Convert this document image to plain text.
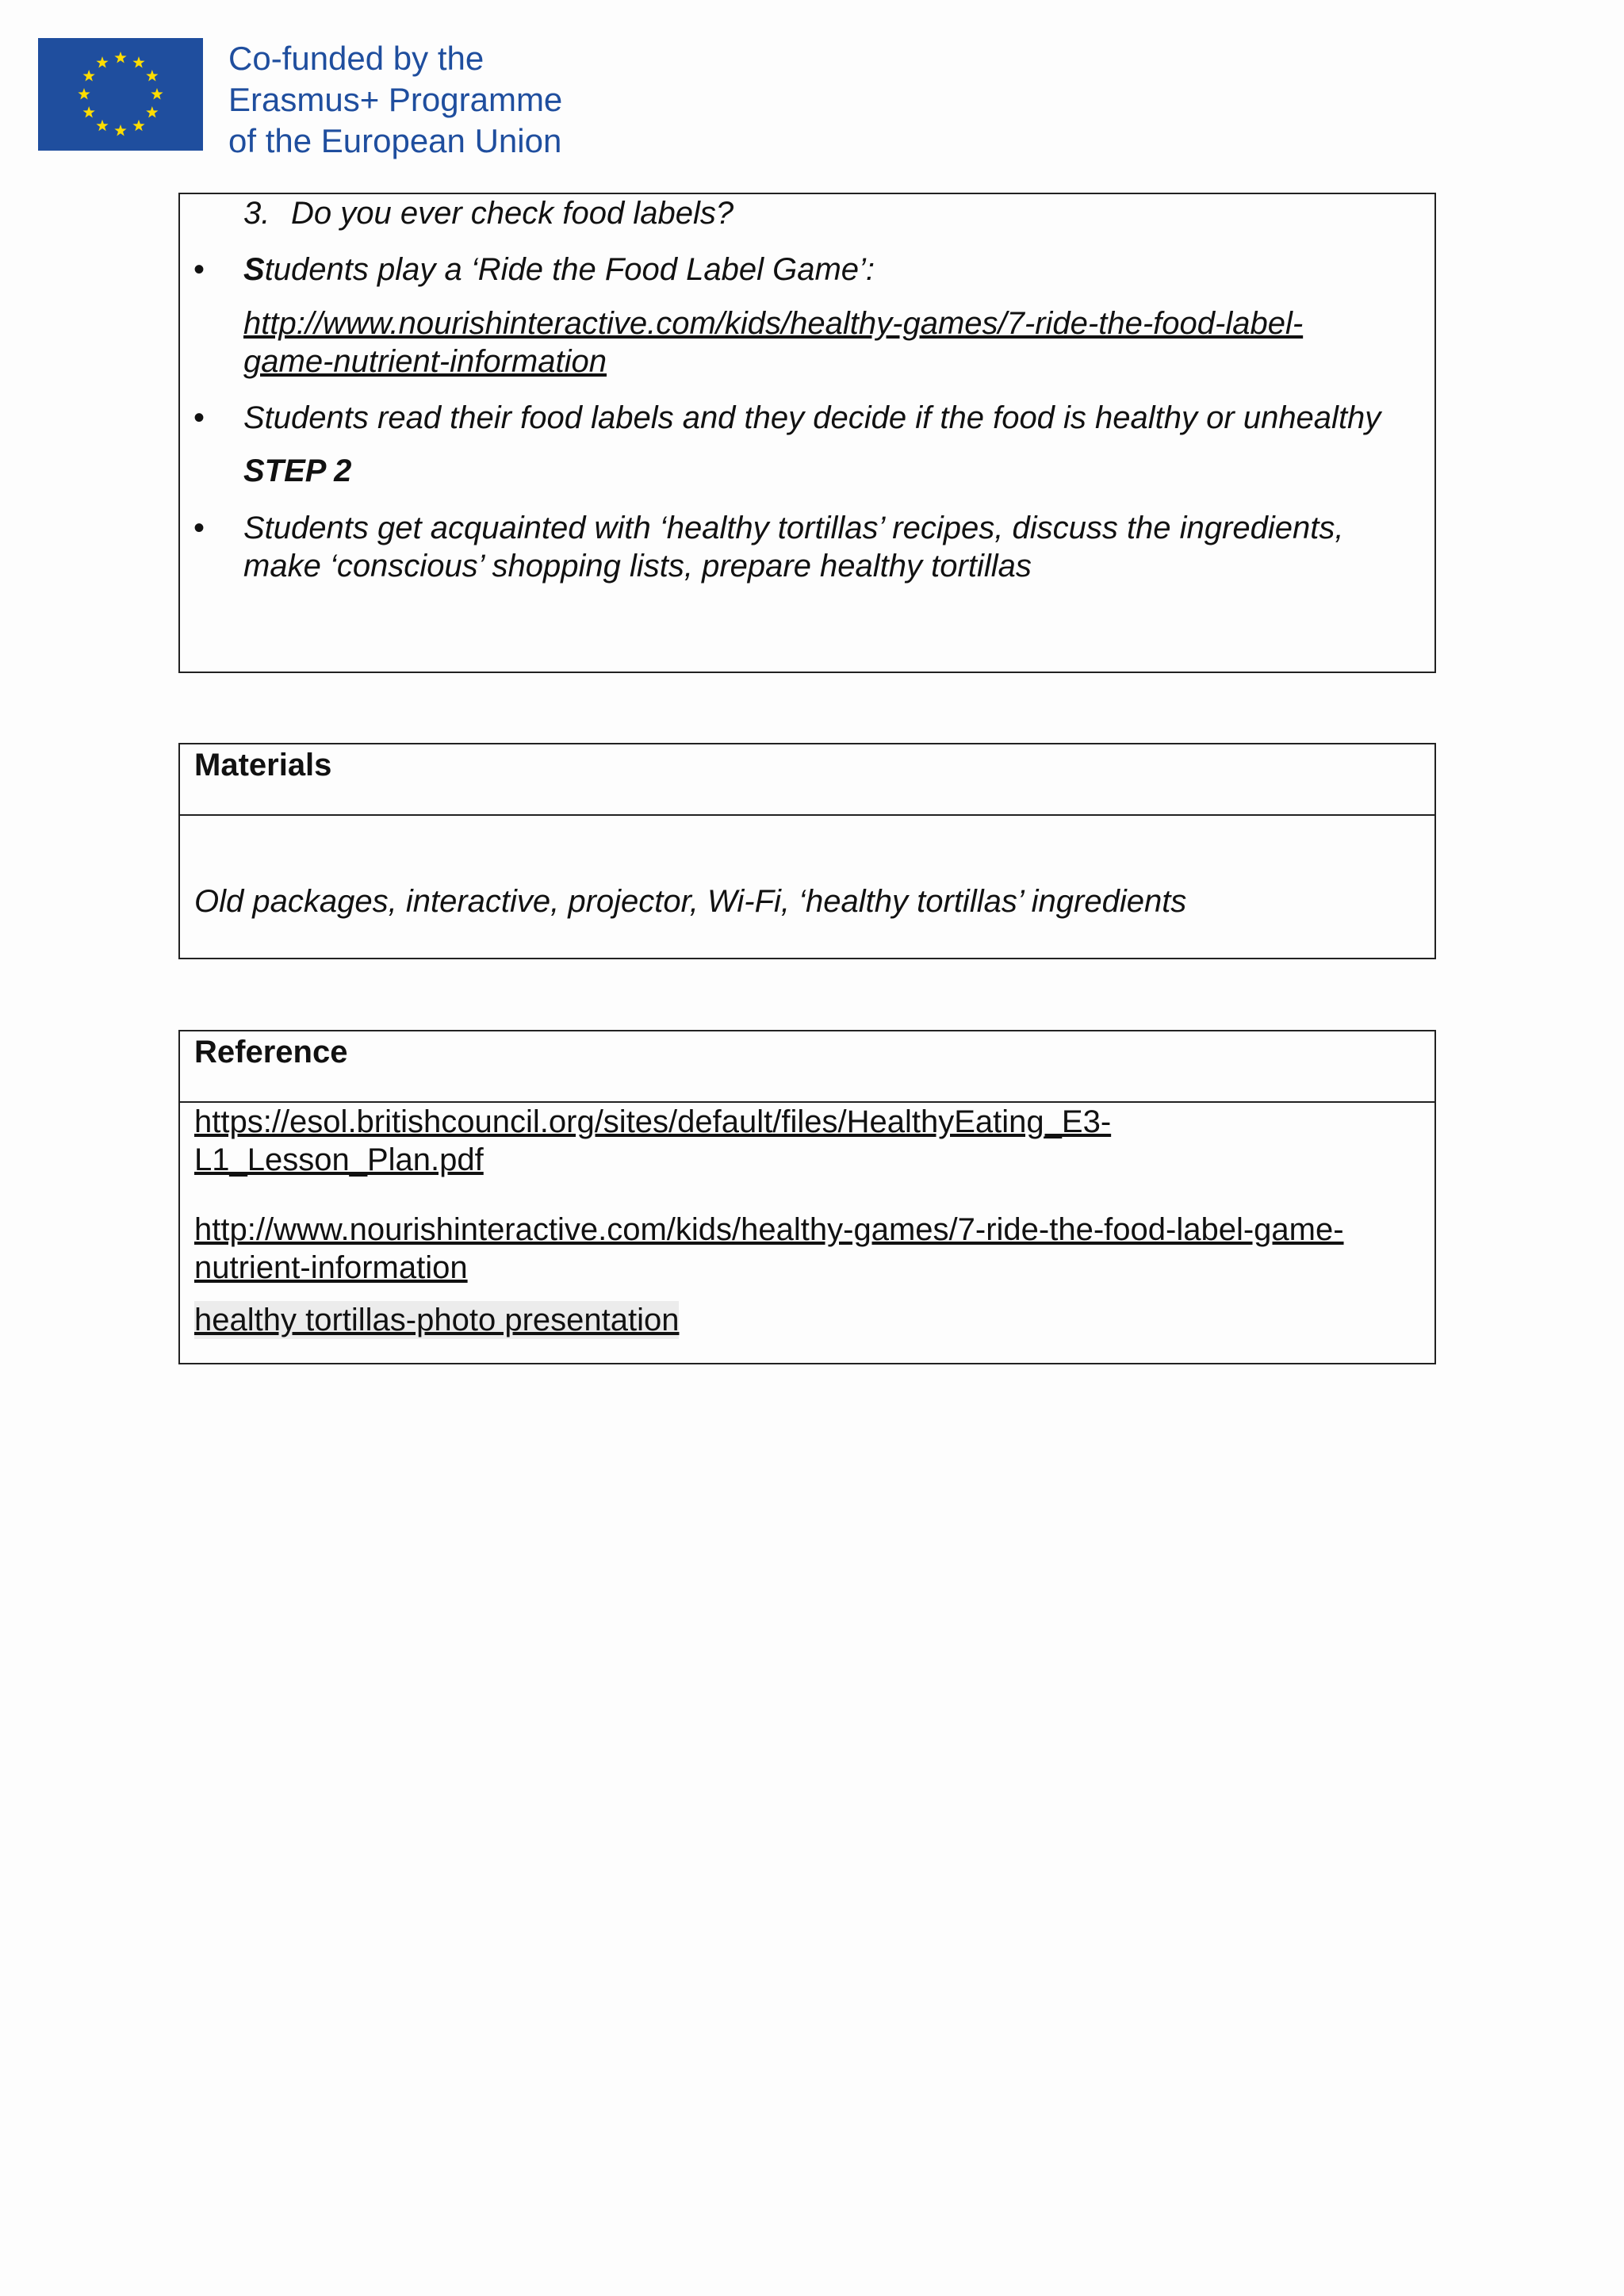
Co-funded by the
Erasmus+ Programme
of the European Union
3. Do you ever check food labels?
• Students play a ‘Ride the Food Label Game’:
http://www.nourishinteractive.com/kids/healthy-games/7-ride-the-food-label-
game-nutrient-information
• Students read their food labels and they decide if the food is healthy or unhealthy
STEP 2
• Students get acquainted with ‘healthy tortillas’ recipes, discuss the ingredients,
make ‘conscious’ shopping lists, prepare healthy tortillas
Materials
Old packages, interactive, projector, Wi-Fi, ‘healthy tortillas’ ingredients
Reference
https://esol.britishcouncil.org/sites/default/files/HealthyEating_E3-
L1_Lesson_Plan.pdf
http://www.nourishinteractive.com/kids/healthy-games/7-ride-the-food-label-game-
nutrient-information
healthy tortillas-photo presentation
